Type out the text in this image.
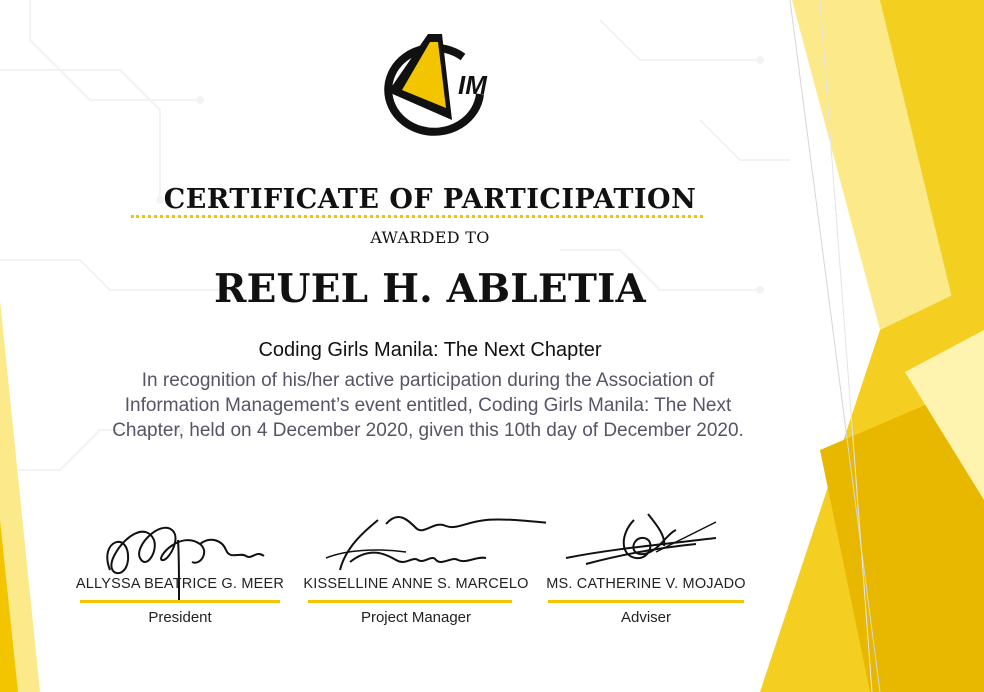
IM
CERTIFICATE OF PARTICIPATION
AWARDED TO
REUEL H. ABLETIA
Coding Girls Manila: The Next Chapter
In recognition of his/her active participation during the Association of Information Management’s event entitled, Coding Girls Manila: The Next Chapter, held on 4 December 2020, given this 10th day of December 2020.
ALLYSSA BEATRICE G. MEER
President
KISSELLINE ANNE S. MARCELO
Project Manager
MS. CATHERINE V. MOJADO
Adviser
